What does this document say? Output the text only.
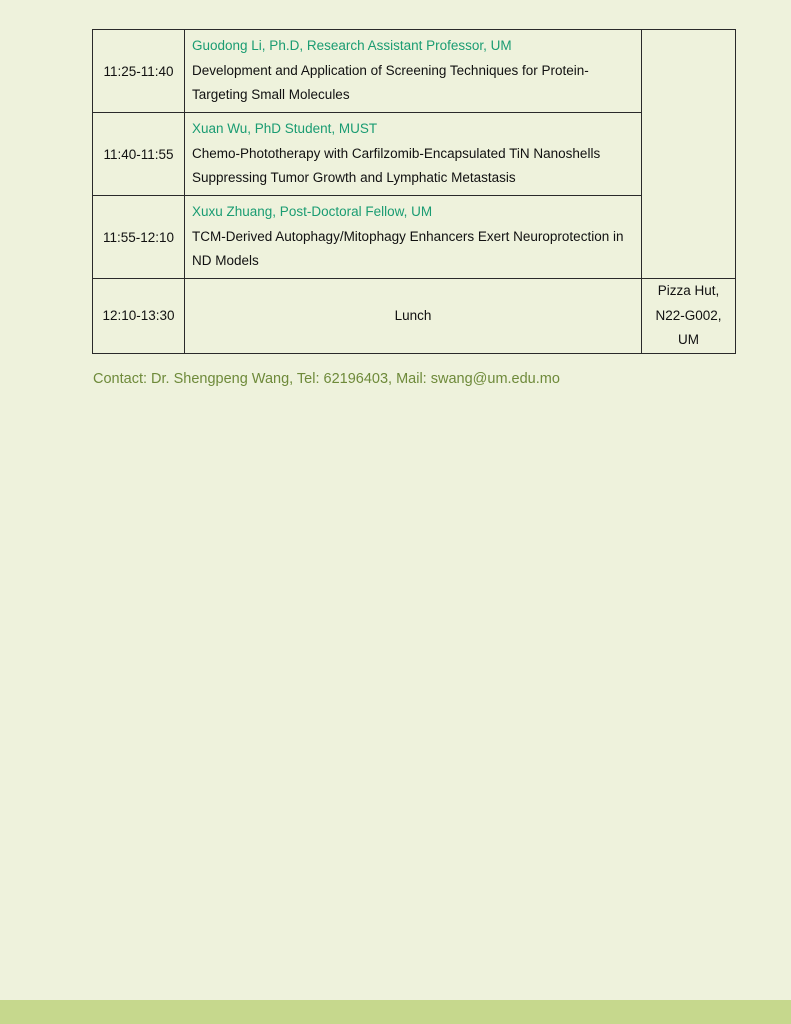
11:25-11:40	Guodong Li, Ph.D, Research Assistant Professor, UM
Development and Application of Screening Techniques for Protein-Targeting Small Molecules	

11:40-11:55	Xuan Wu, PhD Student, MUST
Chemo-Phototherapy with Carfilzomib-Encapsulated TiN Nanoshells Suppressing Tumor Growth and Lymphatic Metastasis	

11:55-12:10	Xuxu Zhuang, Post-Doctoral Fellow, UM
TCM-Derived Autophagy/Mitophagy Enhancers Exert Neuroprotection in ND Models	

12:10-13:30	Lunch	Pizza Hut,
N22-G002,
UM
Contact: Dr. Shengpeng Wang, Tel: 62196403, Mail: swang@um.edu.mo
